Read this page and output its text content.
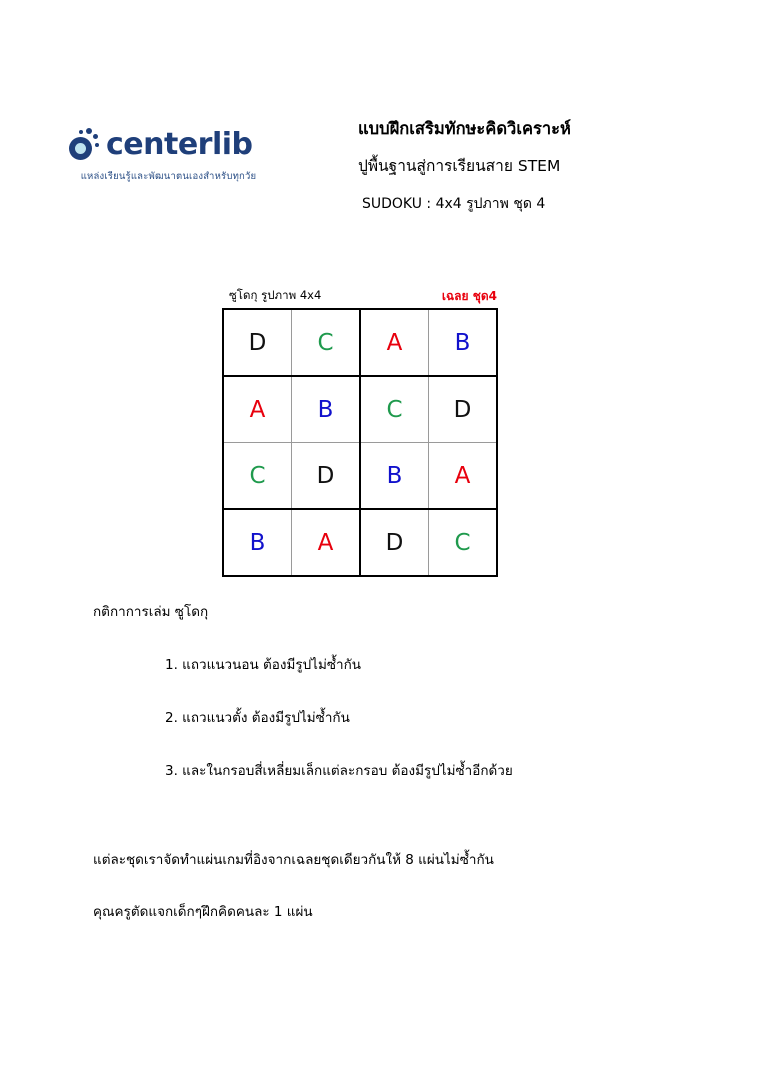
centerlib
แหล่งเรียนรู้และพัฒนาตนเองสำหรับทุกวัย
แบบฝึกเสริมทักษะคิดวิเคราะห์
ปูพื้นฐานสู่การเรียนสาย STEM
SUDOKU : 4x4 รูปภาพ ชุด 4
ซูโดกุ รูปภาพ 4x4	เฉลย ชุด4
D	C	A	B
A	B	C	D
C	D	B	A
B	A	D	C
กติกาการเล่ม ซูโดกุ
1. แถวแนวนอน ต้องมีรูปไม่ซ้ำกัน
2. แถวแนวตั้ง ต้องมีรูปไม่ซ้ำกัน
3. และในกรอบสี่เหลี่ยมเล็กแต่ละกรอบ ต้องมีรูปไม่ซ้ำอีกด้วย
แต่ละชุดเราจัดทำแผ่นเกมที่อิงจากเฉลยชุดเดียวกันให้ 8 แผ่นไม่ซ้ำกัน
คุณครูตัดแจกเด็กๆฝึกคิดคนละ 1 แผ่น
